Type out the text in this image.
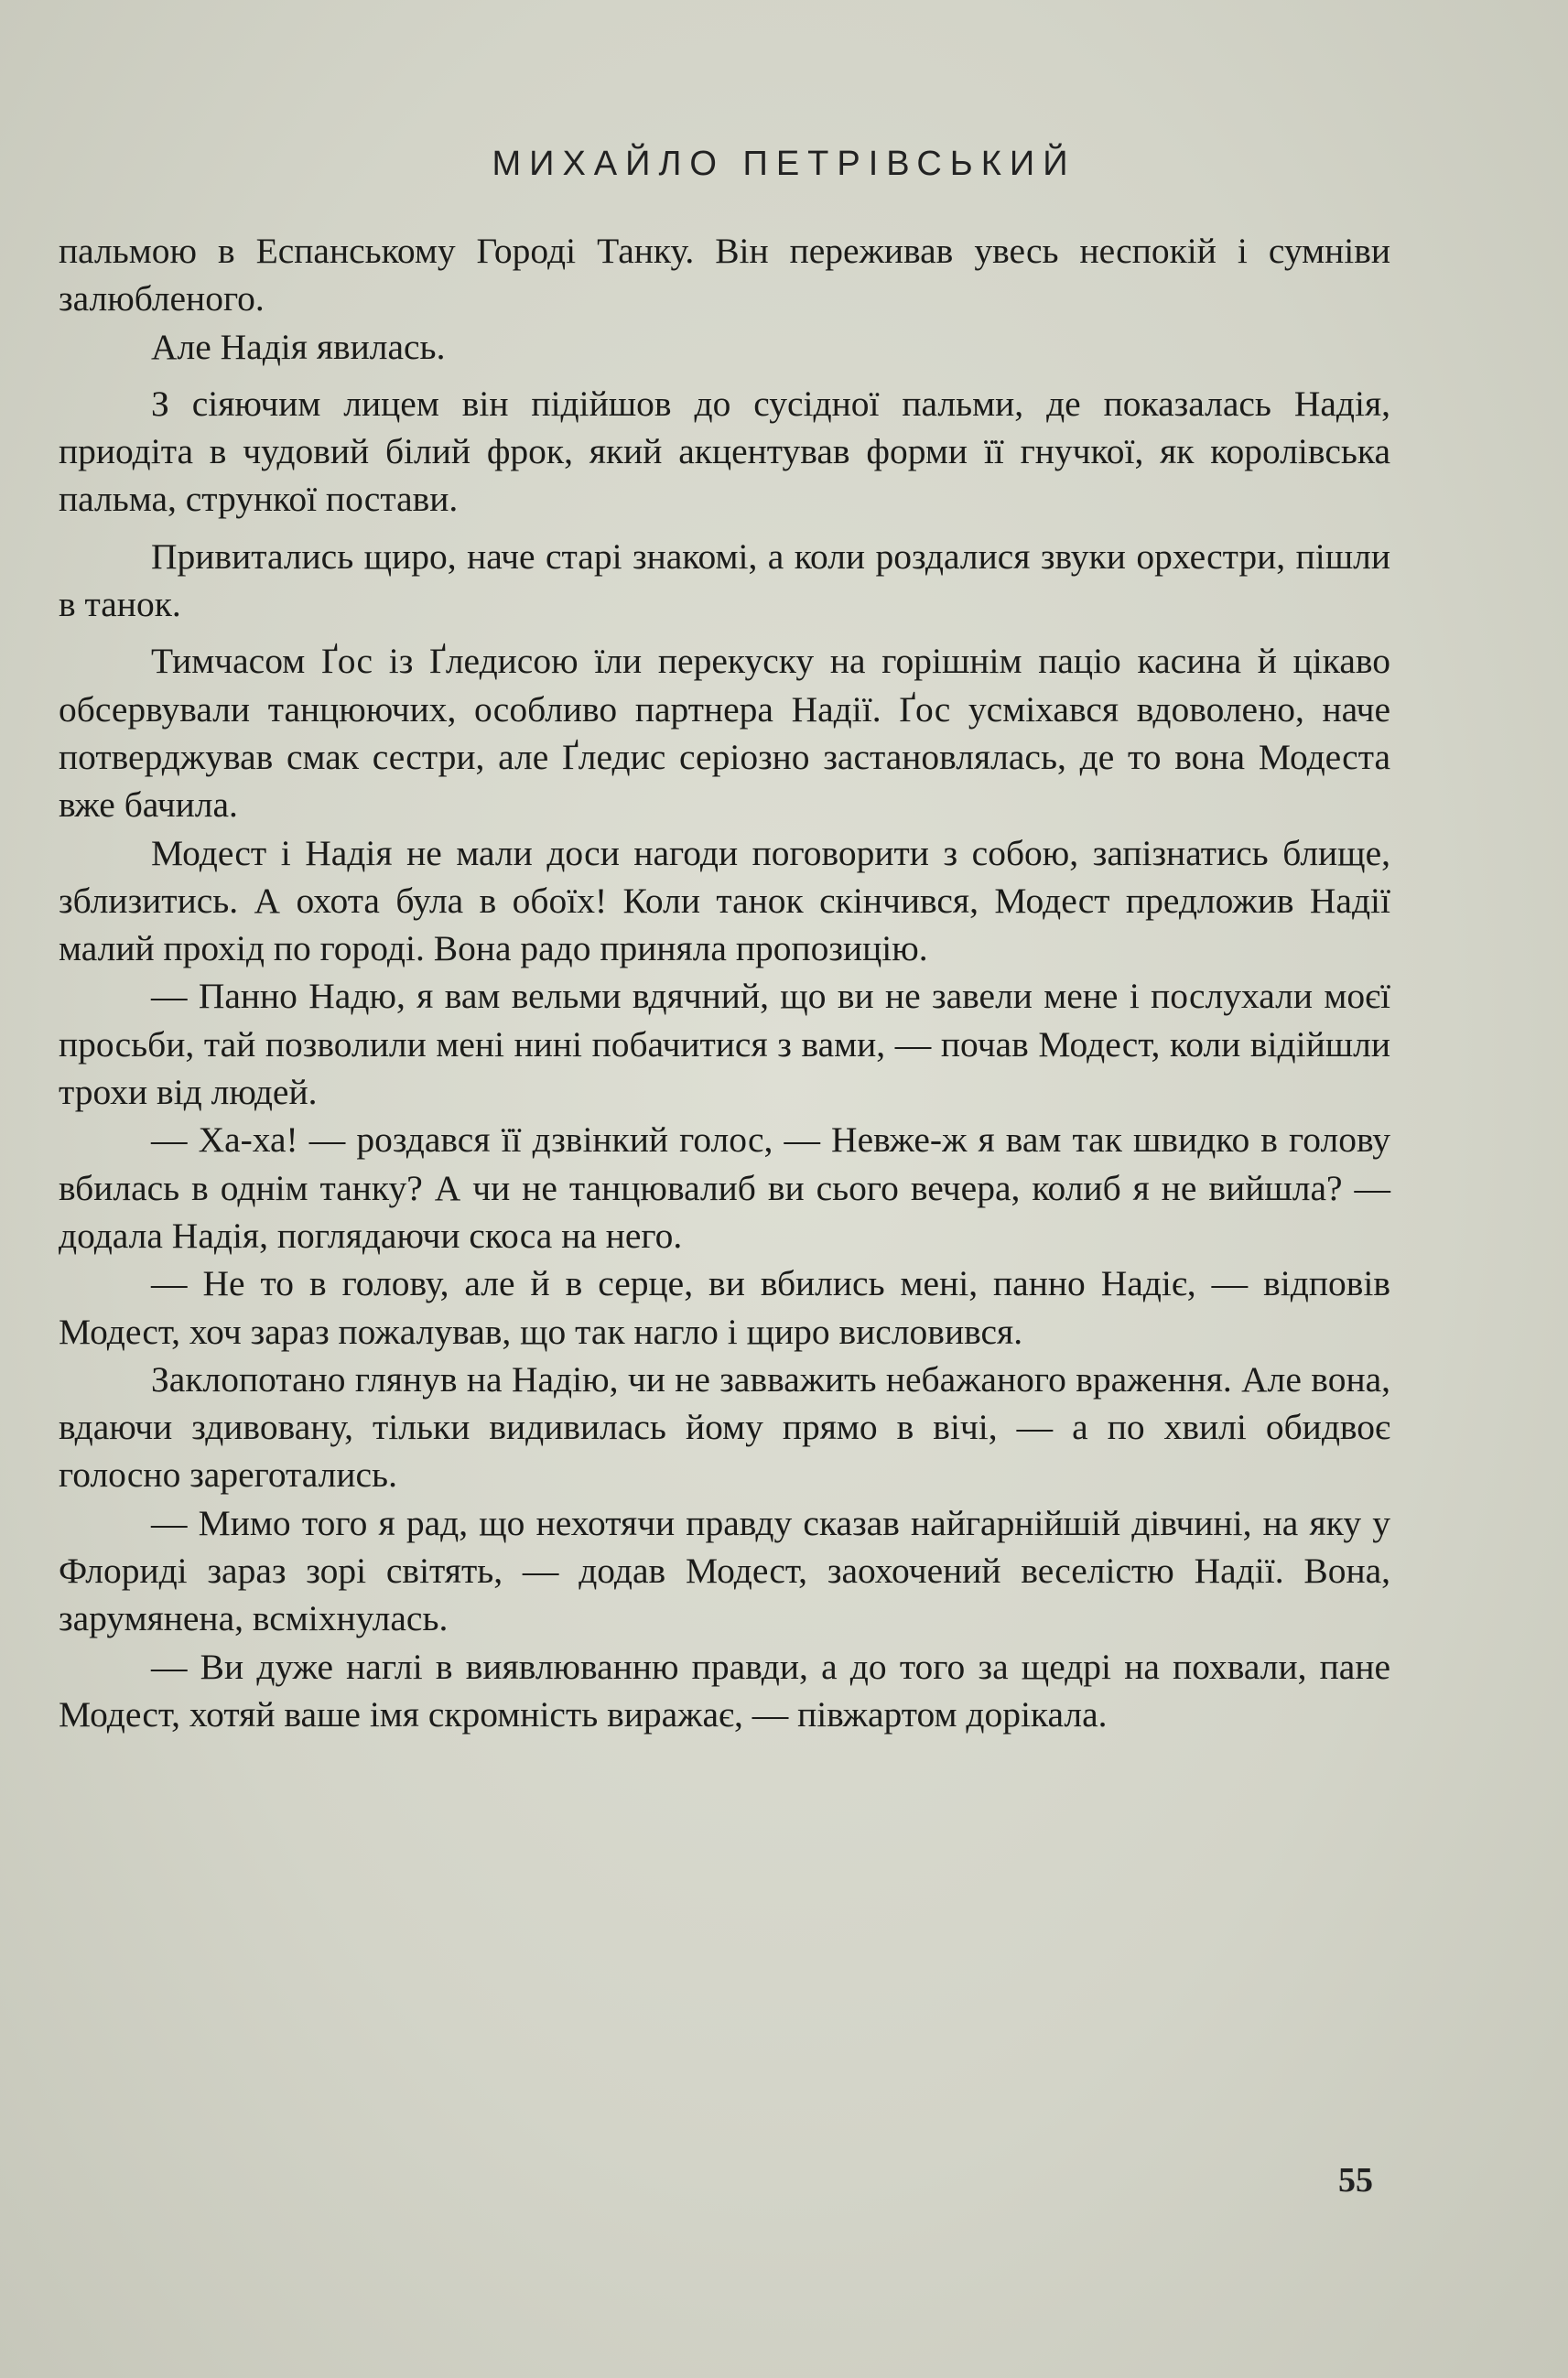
МИХАЙЛО ПЕТРІВСЬКИЙ

пальмою в Еспанському Городі Танку. Він переживав увесь неспокій і сумніви залюбленого.

Але Надія явилась.

З сіяючим лицем він підійшов до сусідної пальми, де показалась Надія, приодіта в чудовий білий фрок, який акцентував форми її гнучкої, як королівська пальма, стрункої постави.

Привитались щиро, наче старі знакомі, а коли роздалися звуки орхестри, пішли в танок.

Тимчасом Ґос із Ґледисою їли перекуску на горішнім паціо касина й цікаво обсервували танцюючих, особливо партнера Надії. Ґос усміхався вдоволено, наче потверджував смак сестри, але Ґледис серіозно застановлялась, де то вона Модеста вже бачила.

Модест і Надія не мали доси нагоди поговорити з собою, запізнатись блище, зблизитись. А охота була в обоїх! Коли танок скінчився, Модест предложив Надії малий прохід по городі. Вона радо приняла пропозицію.

— Панно Надю, я вам вельми вдячний, що ви не завели мене і послухали моєї просьби, тай позволили мені нині побачитися з вами, — почав Модест, коли відійшли трохи від людей.

— Ха-ха! — роздався її дзвінкий голос, — Невже-ж я вам так швидко в голову вбилась в однім танку? А чи не танцювалиб ви сього вечера, колиб я не вийшла? — додала Надія, поглядаючи скоса на него.

— Не то в голову, але й в серце, ви вбились мені, панно Надіє, — відповів Модест, хоч зараз пожалував, що так нагло і щиро висловився.

Заклопотано глянув на Надію, чи не завважить небажаного враження. Але вона, вдаючи здивовану, тільки видивилась йому прямо в вічі, — а по хвилі обидвоє голосно зареготались.

— Мимо того я рад, що нехотячи правду сказав найгарнійшій дівчині, на яку у Флориді зараз зорі світять, — додав Модест, заохочений веселістю Надії. Вона, зарумянена, всміхнулась.

— Ви дуже наглі в виявлюванню правди, а до того за щедрі на похвали, пане Модест, хотяй ваше імя скромність виражає, — півжартом дорікала.

55
